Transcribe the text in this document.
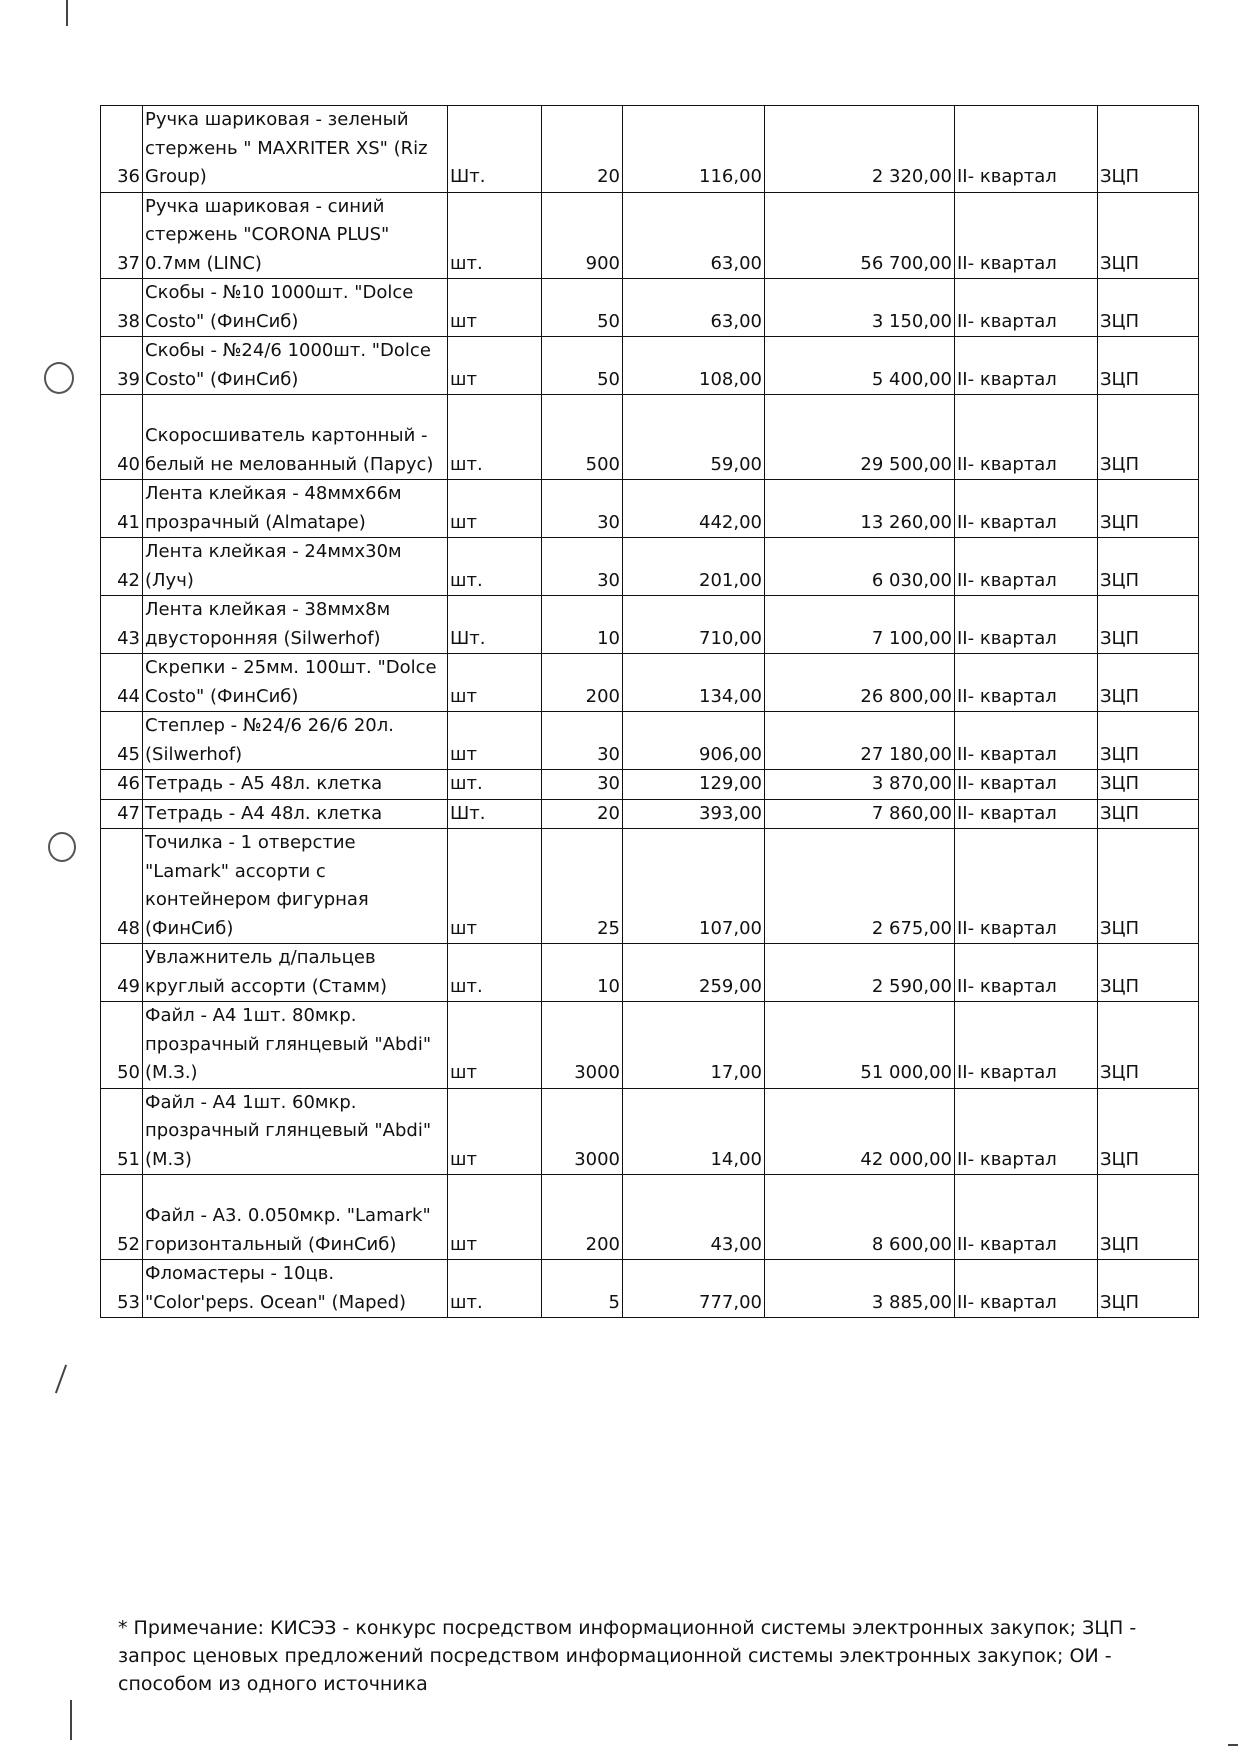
36	Ручка шариковая - зеленый стержень " MAXRITER XS" (Riz Group)	Шт.	20	116,00	2 320,00	II- квартал	ЗЦП
37	Ручка шариковая - синий стержень "CORONA PLUS" 0.7мм (LINC)	шт.	900	63,00	56 700,00	II- квартал	ЗЦП
38	Скобы - №10 1000шт. "Dolce Costo" (ФинСиб)	шт	50	63,00	3 150,00	II- квартал	ЗЦП
39	Скобы - №24/6 1000шт. "Dolce Costo" (ФинСиб)	шт	50	108,00	5 400,00	II- квартал	ЗЦП
40	Скоросшиватель картонный - белый не мелованный (Парус)	шт.	500	59,00	29 500,00	II- квартал	ЗЦП
41	Лента клейкая - 48ммх66м прозрачный (Almatape)	шт	30	442,00	13 260,00	II- квартал	ЗЦП
42	Лента клейкая - 24ммх30м (Луч)	шт.	30	201,00	6 030,00	II- квартал	ЗЦП
43	Лента клейкая - 38ммх8м двусторонняя (Silwerhof)	Шт.	10	710,00	7 100,00	II- квартал	ЗЦП
44	Скрепки - 25мм. 100шт. "Dolce Costo" (ФинСиб)	шт	200	134,00	26 800,00	II- квартал	ЗЦП
45	Степлер - №24/6 26/6 20л. (Silwerhof)	шт	30	906,00	27 180,00	II- квартал	ЗЦП
46	Тетрадь - А5 48л. клетка	шт.	30	129,00	3 870,00	II- квартал	ЗЦП
47	Тетрадь - А4 48л. клетка	Шт.	20	393,00	7 860,00	II- квартал	ЗЦП
48	Точилка - 1 отверстие "Lamark" ассорти с контейнером фигурная (ФинСиб)	шт	25	107,00	2 675,00	II- квартал	ЗЦП
49	Увлажнитель д/пальцев круглый ассорти (Стамм)	шт.	10	259,00	2 590,00	II- квартал	ЗЦП
50	Файл - А4 1шт. 80мкр. прозрачный глянцевый "Abdi" (М.З.)	шт	3000	17,00	51 000,00	II- квартал	ЗЦП
51	Файл - А4 1шт. 60мкр. прозрачный глянцевый "Abdi" (М.З)	шт	3000	14,00	42 000,00	II- квартал	ЗЦП
52	Файл - А3. 0.050мкр. "Lamark" горизонтальный (ФинСиб)	шт	200	43,00	8 600,00	II- квартал	ЗЦП
53	Фломастеры - 10цв. "Color'peps. Ocean" (Maped)	шт.	5	777,00	3 885,00	II- квартал	ЗЦП
* Примечание: КИСЭЗ - конкурс посредством информационной системы электронных закупок; ЗЦП - запрос ценовых предложений посредством информационной системы электронных закупок; ОИ - способом из одного источника
